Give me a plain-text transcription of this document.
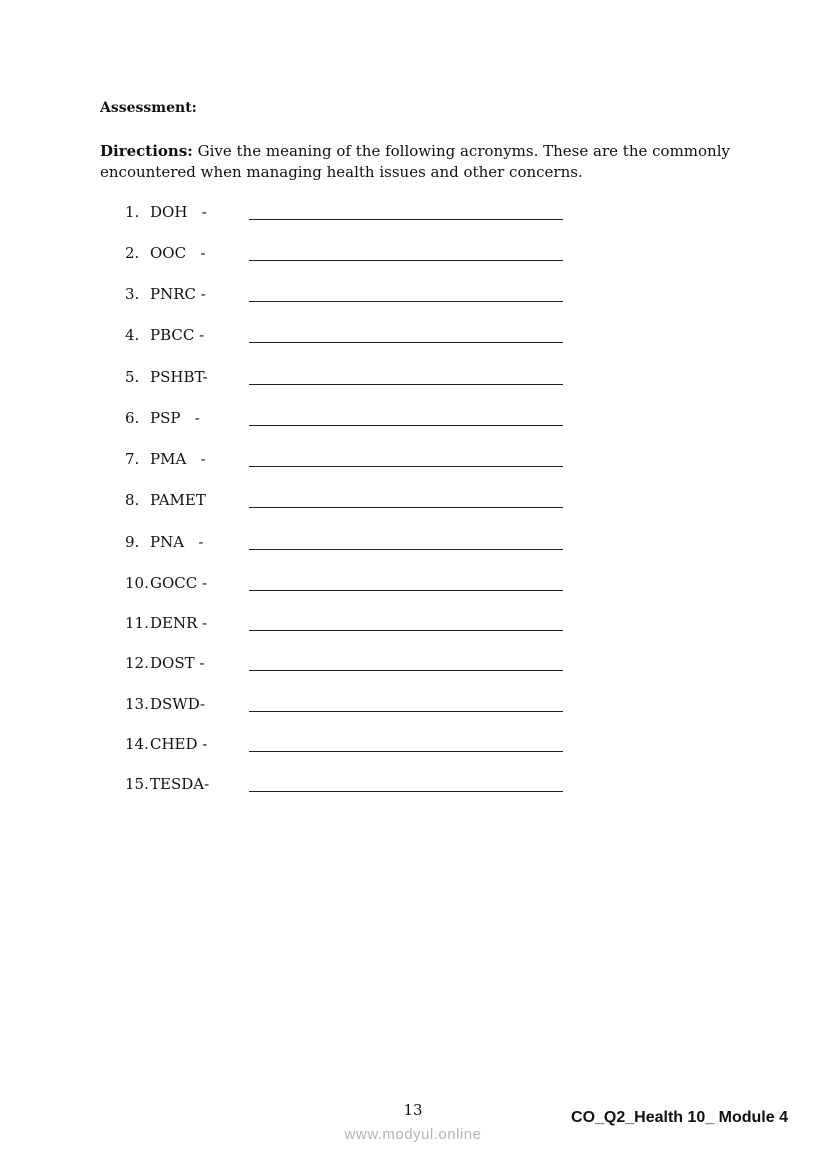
Assessment:

Directions: Give the meaning of the following acronyms. These are the commonly encountered when managing health issues and other concerns.

1. DOH   -
2. OOC   -
3. PNRC -
4. PBCC -
5. PSHBT-
6. PSP   -
7. PMA   -
8. PAMET
9. PNA   -
10. GOCC -
11. DENR -
12. DOST -
13. DSWD-
14. CHED -
15. TESDA-
13	CO_Q2_Health 10_ Module 4
www.modyul.online
